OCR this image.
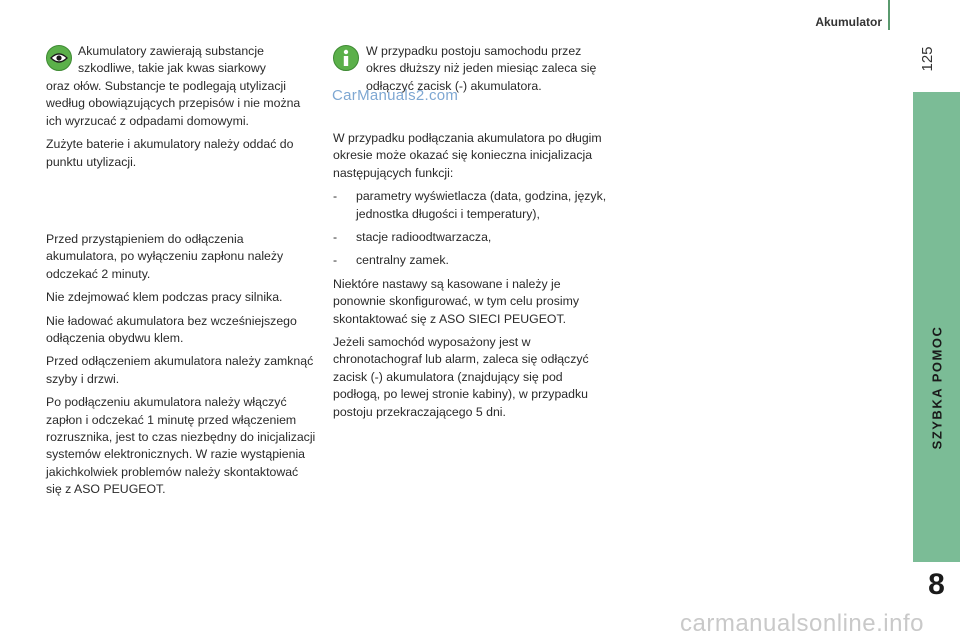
Akumulator
125
SZYBKA POMOC
8
Akumulatory zawierają substancje szkodliwe, takie jak kwas siarkowy

oraz ołów. Substancje te podlegają utylizacji według obowiązujących przepisów i nie można ich wyrzucać z odpadami domowymi.

Zużyte baterie i akumulatory należy oddać do punktu utylizacji.

Przed przystąpieniem do odłączenia akumulatora, po wyłączeniu zapłonu należy odczekać 2 minuty.

Nie zdejmować klem podczas pracy silnika.

Nie ładować akumulatora bez wcześniejszego odłączenia obydwu klem.

Przed odłączeniem akumulatora należy zamknąć szyby i drzwi.

Po podłączeniu akumulatora należy włączyć zapłon i odczekać 1 minutę przed włączeniem rozrusznika, jest to czas niezbędny do inicjalizacji systemów elektronicznych. W razie wystąpienia jakichkolwiek problemów należy skontaktować się z ASO PEUGEOT.

W przypadku postoju samochodu przez okres dłuższy niż jeden miesiąc zaleca się odłączyć zacisk (-) akumulatora.
CarManuals2.com

W przypadku podłączania akumulatora po długim okresie może okazać się konieczna inicjalizacja następujących funkcji:

-	parametry wyświetlacza (data, godzina, język, jednostka długości i temperatury),
-	stacje radioodtwarzacza,
-	centralny zamek.

Niektóre nastawy są kasowane i należy je ponownie skonfigurować, w tym celu prosimy skontaktować się z ASO SIECI PEUGEOT.

Jeżeli samochód wyposażony jest w chronotachograf lub alarm, zaleca się odłączyć zacisk (-) akumulatora (znajdujący się pod podłogą, po lewej stronie kabiny), w przypadku postoju przekraczającego 5 dni.

carmanualsonline.info
